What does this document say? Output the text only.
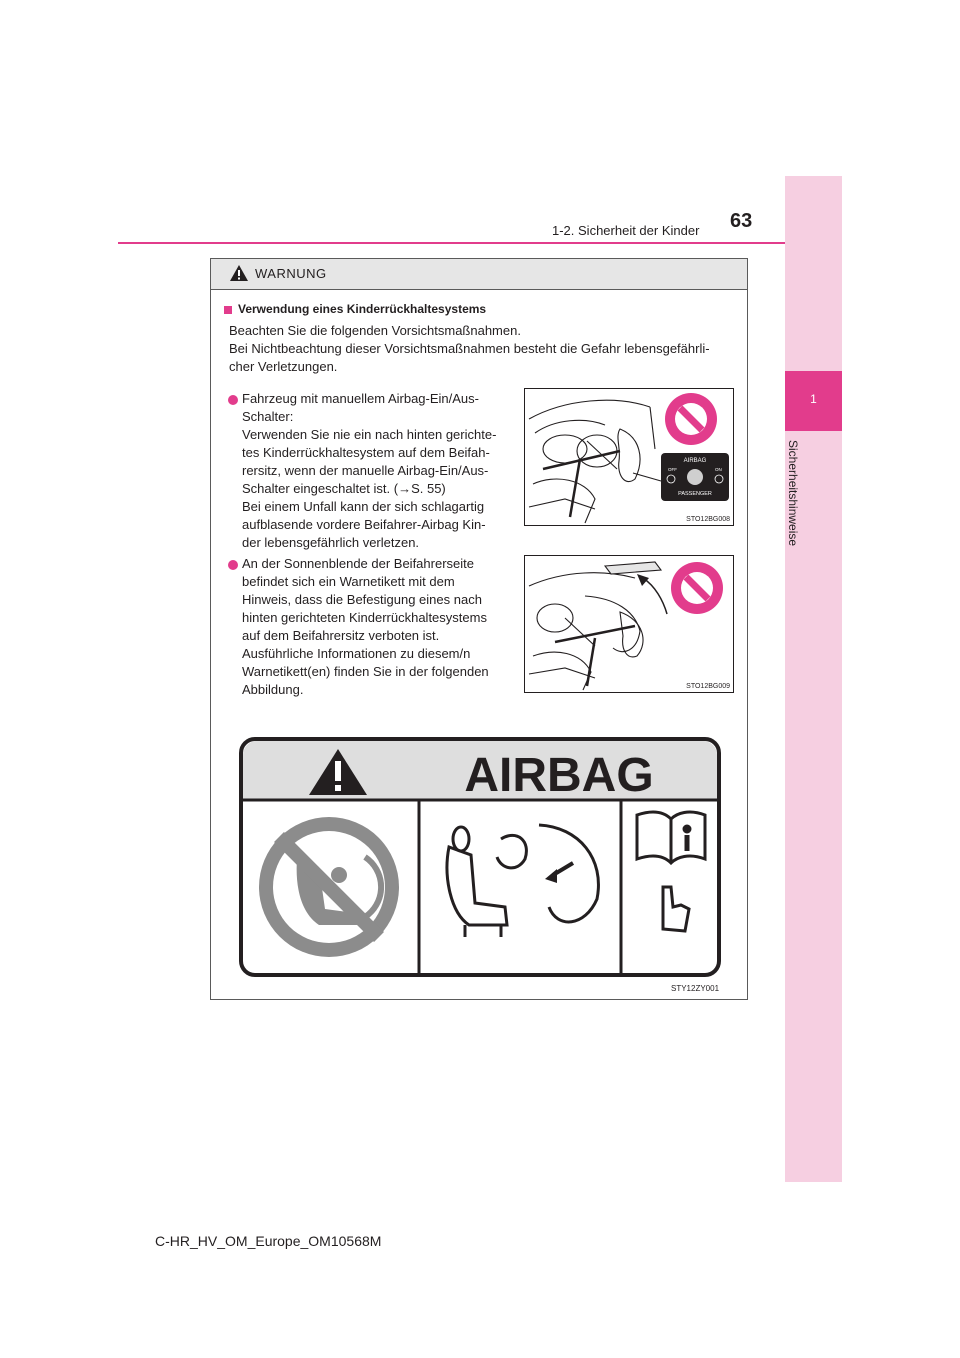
1
Sicherheitshinweise
1-2. Sicherheit der Kinder 63
WARNUNG
Verwendung eines Kinderrückhaltesystems
Beachten Sie die folgenden Vorsichtsmaßnahmen.
Bei Nichtbeachtung dieser Vorsichtsmaßnahmen besteht die Gefahr lebensgefährli-
cher Verletzungen.
Fahrzeug mit manuellem Airbag-Ein/Aus-
Schalter:
Verwenden Sie nie ein nach hinten gerichte-
tes Kinderrückhaltesystem auf dem Beifah-
rersitz, wenn der manuelle Airbag-Ein/Aus-
Schalter eingeschaltet ist. (→S. 55)
Bei einem Unfall kann der sich schlagartig
aufblasende vordere Beifahrer-Airbag Kin-
der lebensgefährlich verletzen.
AIRBAG
OFF	ON
PASSENGER
STO12BG008
An der Sonnenblende der Beifahrerseite
befindet sich ein Warnetikett mit dem
Hinweis, dass die Befestigung eines nach
hinten gerichteten Kinderrückhaltesystems
auf dem Beifahrersitz verboten ist.
Ausführliche Informationen zu diesem/n
Warnetikett(en) finden Sie in der folgenden
Abbildung.	STO12BG009
AIRBAG
STY12ZY001
C-HR_HV_OM_Europe_OM10568M
